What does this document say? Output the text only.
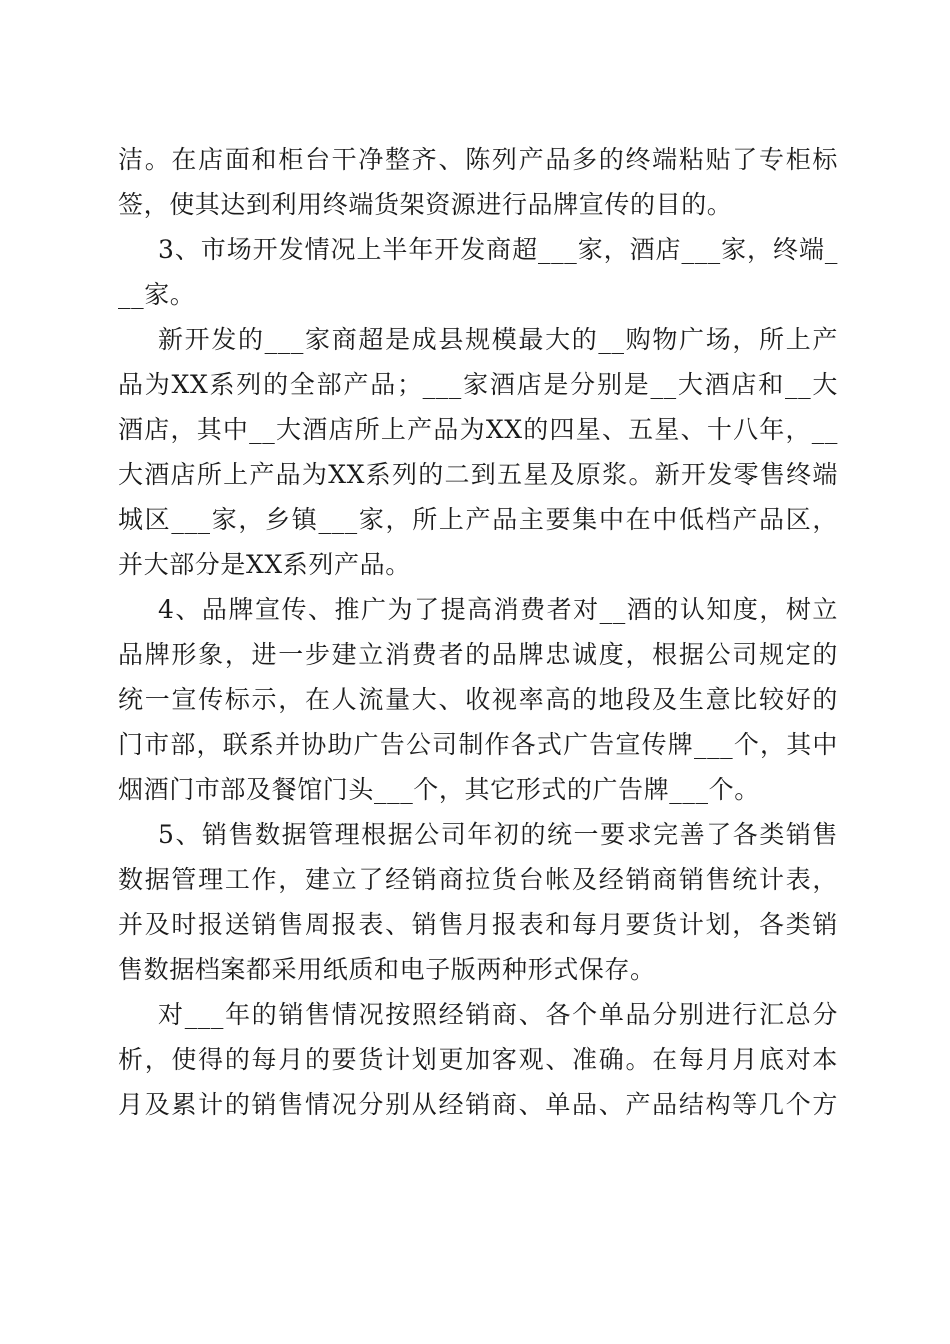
洁。在店面和柜台干净整齐、陈列产品多的终端粘贴了专柜标
签，使其达到利用终端货架资源进行品牌宣传的目的。
3、市场开发情况上半年开发商超___家，酒店___家，终端_
__家。
新开发的___家商超是成县规模最大的__购物广场，所上产
品为XX系列的全部产品；___家酒店是分别是__大酒店和__大
酒店，其中__大酒店所上产品为XX的四星、五星、十八年，__
大酒店所上产品为XX系列的二到五星及原浆。新开发零售终端
城区___家，乡镇___家，所上产品主要集中在中低档产品区，
并大部分是XX系列产品。
4、品牌宣传、推广为了提高消费者对__酒的认知度，树立
品牌形象，进一步建立消费者的品牌忠诚度，根据公司规定的
统一宣传标示，在人流量大、收视率高的地段及生意比较好的
门市部，联系并协助广告公司制作各式广告宣传牌___个，其中
烟酒门市部及餐馆门头___个，其它形式的广告牌___个。
5、销售数据管理根据公司年初的统一要求完善了各类销售
数据管理工作，建立了经销商拉货台帐及经销商销售统计表，
并及时报送销售周报表、销售月报表和每月要货计划，各类销
售数据档案都采用纸质和电子版两种形式保存。
对___年的销售情况按照经销商、各个单品分别进行汇总分
析，使得的每月的要货计划更加客观、准确。在每月月底对本
月及累计的销售情况分别从经销商、单品、产品结构等几个方
